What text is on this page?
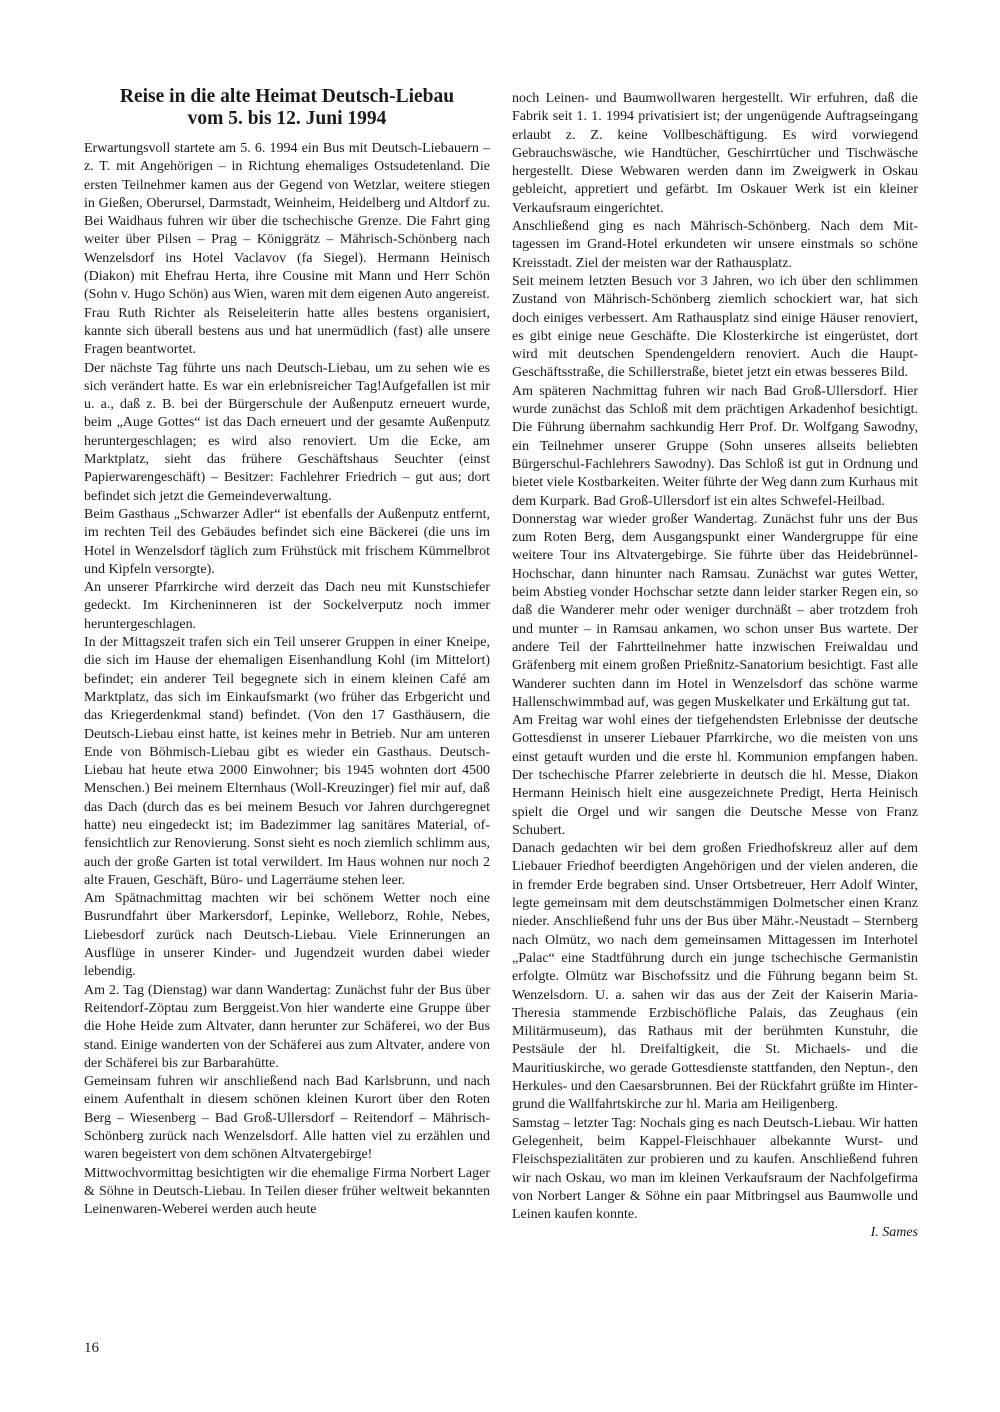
Reise in die alte Heimat Deutsch-Liebau
vom 5. bis 12. Juni 1994

Erwartungsvoll startete am 5. 6. 1994 ein Bus mit Deutsch-Liebauern – z. T. mit Angehörigen – in Richtung ehemaliges Ostsudetenland. Die ersten Teilnehmer kamen aus der Gegend von Wetzlar, weitere stiegen in Gießen, Oberursel, Darmstadt, Weinheim, Heidelberg und Altdorf zu. Bei Waidhaus fuhren wir über die tschechische Grenze. Die Fahrt ging weiter über Pilsen – Prag – Königgrätz – Mährisch-Schönberg nach Wenzelsdorf ins Hotel Vaclavov (fa Siegel). Hermann Heinisch (Diakon) mit Ehefrau Herta, ihre Cousine mit Mann und Herr Schön (Sohn v. Hugo Schön) aus Wien, waren mit dem eigenen Auto angereist.

Frau Ruth Richter als Reiseleiterin hatte alles bestens organisiert, kannte sich überall bestens aus und hat unermüdlich (fast) alle unsere Fragen beantwortet.

Der nächste Tag führte uns nach Deutsch-Liebau, um zu sehen wie es sich verändert hatte. Es war ein erlebnisreicher Tag!Aufgefallen ist mir u. a., daß z. B. bei der Bürgerschule der Außenputz erneuert wurde, beim „Auge Gottes“ ist das Dach erneuert und der gesamte Außenputz heruntergeschlagen; es wird also renoviert. Um die Ecke, am Marktplatz, sieht das frühere Geschäftshaus Seuchter (einst Papierwarengeschäft) – Besitzer: Fachlehrer Friedrich – gut aus; dort befindet sich jetzt die Gemeindeverwaltung.

Beim Gasthaus „Schwarzer Adler“ ist ebenfalls der Außenputz entfernt, im rechten Teil des Gebäudes befindet sich eine Bäckerei (die uns im Hotel in Wenzelsdorf täglich zum Frühstück mit frischem Kümmelbrot und Kipfeln versorgte).

An unserer Pfarrkirche wird derzeit das Dach neu mit Kunstschiefer gedeckt. Im Kircheninneren ist der Sockelverputz noch immer heruntergeschlagen.

In der Mittagszeit trafen sich ein Teil unserer Gruppen in einer Kneipe, die sich im Hause der ehemaligen Eisenhandlung Kohl (im Mittelort) befindet; ein anderer Teil begegnete sich in einem kleinen Café am Marktplatz, das sich im Einkaufsmarkt (wo früher das Erbgericht und das Kriegerdenkmal stand) befindet. (Von den 17 Gasthäusern, die Deutsch-Liebau einst hatte, ist keines mehr in Betrieb. Nur am unteren Ende von Böhmisch-Liebau gibt es wieder ein Gasthaus. Deutsch-Liebau hat heute etwa 2000 Einwohner; bis 1945 wohnten dort 4500 Menschen.) Bei meinem Elternhaus (Woll-Kreuzinger) fiel mir auf, daß das Dach (durch das es bei meinem Besuch vor Jahren durchgeregnet hatte) neu eingedeckt ist; im Badezimmer lag sanitäres Material, offensichtlich zur Renovierung. Sonst sieht es noch ziemlich schlimm aus, auch der große Garten ist total verwildert. Im Haus wohnen nur noch 2 alte Frauen, Geschäft, Büro- und Lagerräume stehen leer.

Am Spätnachmittag machten wir bei schönem Wetter noch eine Busrundfahrt über Markersdorf, Lepinke, Welleborz, Rohle, Nebes, Liebesdorf zurück nach Deutsch-Liebau. Viele Erinnerungen an Ausflüge in unserer Kinder- und Jugendzeit wurden dabei wieder lebendig.

Am 2. Tag (Dienstag) war dann Wandertag: Zunächst fuhr der Bus über Reitendorf-Zöptau zum Berggeist.Von hier wanderte eine Gruppe über die Hohe Heide zum Altvater, dann herunter zur Schäferei, wo der Bus stand. Einige wanderten von der Schäferei aus zum Altvater, andere von der Schäferei bis zur Barbarahütte.

Gemeinsam fuhren wir anschließend nach Bad Karlsbrunn, und nach einem Aufenthalt in diesem schönen kleinen Kurort über den Roten Berg – Wiesenberg – Bad Groß-Ullersdorf – Reitendorf – Mährisch-Schönberg zurück nach Wenzelsdorf. Alle hatten viel zu erzählen und waren begeistert von dem schönen Altvatergebirge!

Mittwochvormittag besichtigten wir die ehemalige Firma Norbert Lager & Söhne in Deutsch-Liebau. In Teilen dieser früher weltweit bekannten Leinenwaren-Weberei werden auch heute

noch Leinen- und Baumwollwaren hergestellt. Wir erfuhren, daß die Fabrik seit 1. 1. 1994 privatisiert ist; der ungenügende Auftragseingang erlaubt z. Z. keine Vollbeschäftigung. Es wird vorwiegend Gebrauchswäsche, wie Handtücher, Geschirrtücher und Tischwäsche hergestellt. Diese Webwaren werden dann im Zweigwerk in Oskau gebleicht, appretiert und gefärbt. Im Oskauer Werk ist ein kleiner Verkaufsraum eingerichtet.

Anschließend ging es nach Mährisch-Schönberg. Nach dem Mittagessen im Grand-Hotel erkundeten wir unsere einstmals so schöne Kreisstadt. Ziel der meisten war der Rathausplatz.

Seit meinem letzten Besuch vor 3 Jahren, wo ich über den schlimmen Zustand von Mährisch-Schönberg ziemlich schockiert war, hat sich doch einiges verbessert. Am Rathausplatz sind einige Häuser renoviert, es gibt einige neue Geschäfte. Die Klosterkirche ist eingerüstet, dort wird mit deutschen Spendengeldern renoviert. Auch die Haupt-Geschäftsstraße, die Schillerstraße, bietet jetzt ein etwas besseres Bild.

Am späteren Nachmittag fuhren wir nach Bad Groß-Ullersdorf. Hier wurde zunächst das Schloß mit dem prächtigen Arkadenhof besichtigt. Die Führung übernahm sachkundig Herr Prof. Dr. Wolfgang Sawodny, ein Teilnehmer unserer Gruppe (Sohn unseres allseits beliebten Bürgerschul-Fachlehrers Sawodny). Das Schloß ist gut in Ordnung und bietet viele Kostbarkeiten. Weiter führte der Weg dann zum Kurhaus mit dem Kurpark. Bad Groß-Ullersdorf ist ein altes Schwefel-Heilbad.

Donnerstag war wieder großer Wandertag. Zunächst fuhr uns der Bus zum Roten Berg, dem Ausgangspunkt einer Wandergruppe für eine weitere Tour ins Altvatergebirge. Sie führte über das Heidebrünnel-Hochschar, dann hinunter nach Ramsau. Zunächst war gutes Wetter, beim Abstieg vonder Hochschar setzte dann leider starker Regen ein, so daß die Wanderer mehr oder weniger durchnäßt – aber trotzdem froh und munter – in Ramsau ankаmen, wo schon unser Bus wartete. Der andere Teil der Fahrtteilnehmer hatte inzwischen Freiwaldau und Gräfenberg mit einem großen Prießnitz-Sanatorium besichtigt. Fast alle Wanderer suchten dann im Hotel in Wenzelsdorf das schöne warme Hallenschwimmbad auf, was gegen Muskelkater und Erkältung gut tat.

Am Freitag war wohl eines der tiefgehendsten Erlebnisse der deutsche Gottesdienst in unserer Liebauer Pfarrkirche, wo die meisten von uns einst getauft wurden und die erste hl. Kommunion empfangen haben. Der tschechische Pfarrer zelebrierte in deutsch die hl. Messe, Diakon Hermann Heinisch hielt eine ausgezeichnete Predigt, Herta Heinisch spielt die Orgel und wir sangen die Deutsche Messe von Franz Schubert.

Danach gedachten wir bei dem großen Friedhofskreuz aller auf dem Liebauer Friedhof beerdigten Angehörigen und der vielen anderen, die in fremder Erde begraben sind. Unser Ortsbetreuer, Herr Adolf Winter, legte gemeinsam mit dem deutschstämmigen Dolmetscher einen Kranz nieder. Anschließend fuhr uns der Bus über Mähr.-Neustadt – Sternberg nach Olmütz, wo nach dem gemeinsamen Mittagessen im Interhotel „Palac“ eine Stadtführung durch ein junge tschechische Germanistin erfolgte. Olmütz war Bischofssitz und die Führung begann beim St. Wenzelsdorn. U. a. sahen wir das aus der Zeit der Kaiserin Maria-Theresia stammende Erzbischöfliche Palais, das Zeughaus (ein Militärmuseum), das Rathaus mit der berühmten Kunstuhr, die Pestsäule der hl. Dreifaltigkeit, die St. Michaels- und die Mauritiuskirche, wo gerade Gottesdienste stattfanden, den Neptun-, den Herkules- und den Caesarsbrunnen. Bei der Rückfahrt grüßte im Hintergrund die Wallfahrtskirche zur hl. Maria am Heiligenberg.

Samstag – letzter Tag: Nochals ging es nach Deutsch-Liebau. Wir hatten Gelegenheit, beim Kappel-Fleischhauer albekannte Wurst- und Fleischspezialitäten zur probieren und zu kaufen. Anschließend fuhren wir nach Oskau, wo man im kleinen Verkaufsraum der Nachfolgefirma von Norbert Langer & Söhne ein paar Mitbringsel aus Baumwolle und Leinen kaufen konnte.

I. Sames

16
